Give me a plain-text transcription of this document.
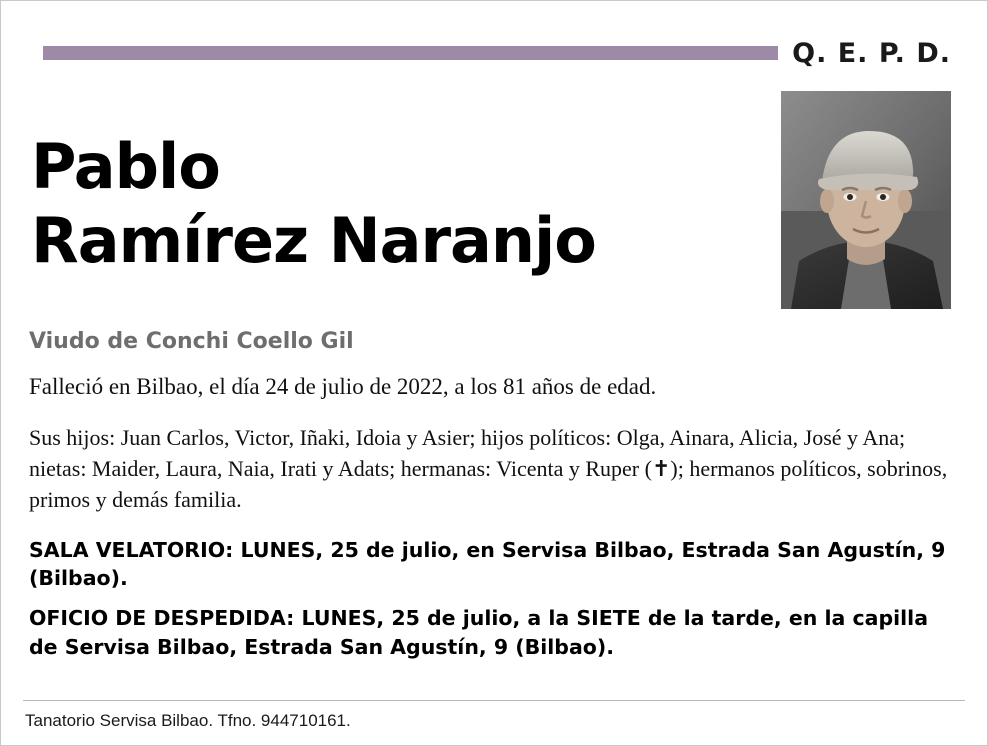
Q. E. P. D.
Pablo
Ramírez Naranjo

Viudo de Conchi Coello Gil

Falleció en Bilbao, el día 24 de julio de 2022, a los 81 años de edad.

Sus hijos: Juan Carlos, Victor, Iñaki, Idoia y Asier; hijos políticos: Olga, Ainara, Alicia, José y Ana; nietas: Maider, Laura, Naia, Irati y Adats; hermanas: Vicenta y Ruper (✝); hermanos políticos, sobrinos, primos y demás familia.

SALA VELATORIO: LUNES, 25 de julio, en Servisa Bilbao, Estrada San Agustín, 9 (Bilbao).

OFICIO DE DESPEDIDA: LUNES, 25 de julio, a la SIETE de la tarde, en la capilla de Servisa Bilbao, Estrada San Agustín, 9 (Bilbao).

Tanatorio Servisa Bilbao. Tfno. 944710161.
